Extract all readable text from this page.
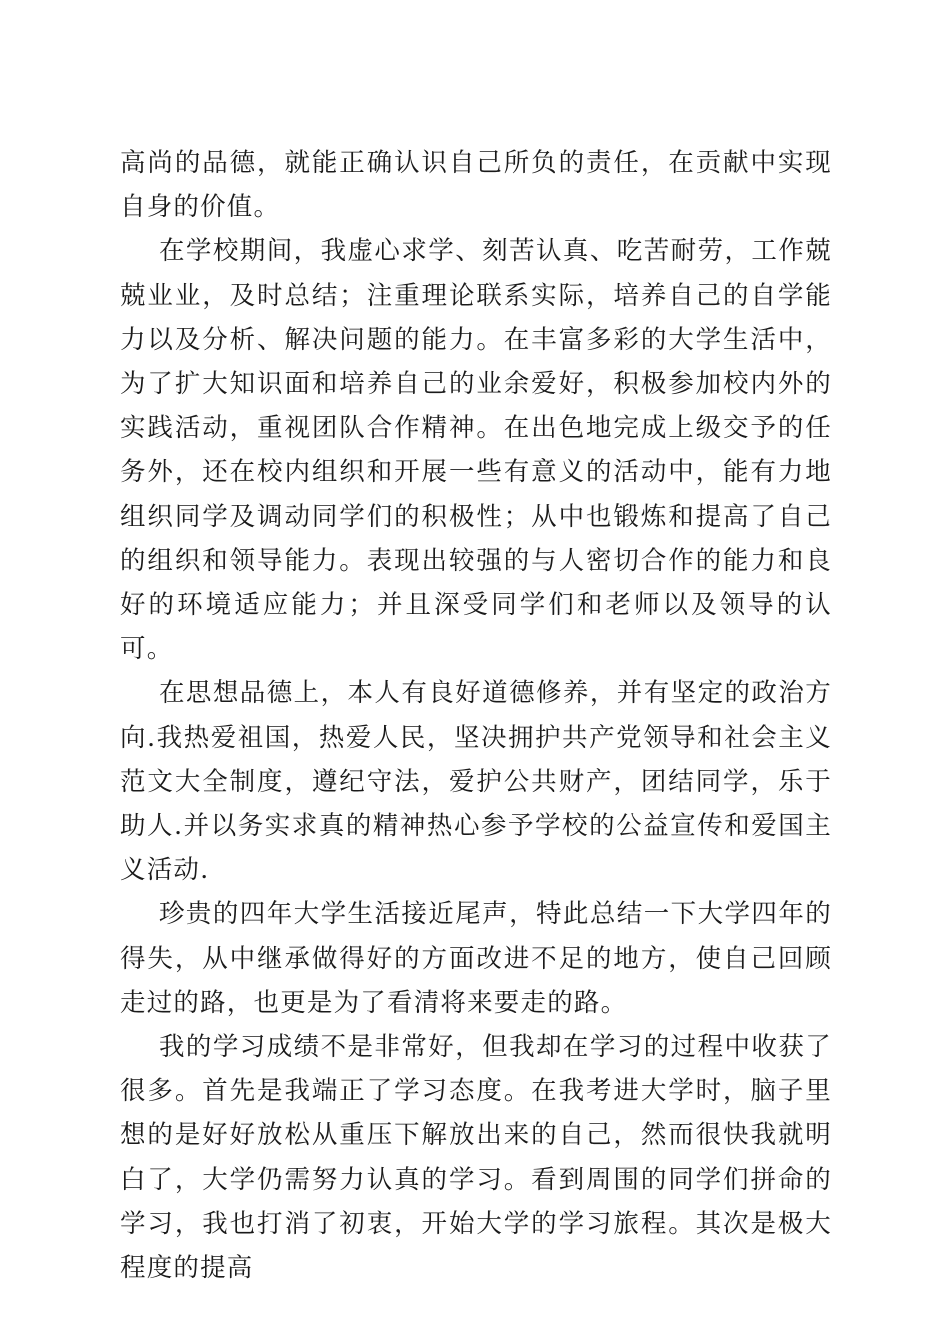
高尚的品德，就能正确认识自己所负的责任，在贡献中实现自身的价值。

在学校期间，我虚心求学、刻苦认真、吃苦耐劳，工作兢兢业业，及时总结；注重理论联系实际，培养自己的自学能力以及分析、解决问题的能力。在丰富多彩的大学生活中，为了扩大知识面和培养自己的业余爱好，积极参加校内外的实践活动，重视团队合作精神。在出色地完成上级交予的任务外，还在校内组织和开展一些有意义的活动中，能有力地组织同学及调动同学们的积极性；从中也锻炼和提高了自己的组织和领导能力。表现出较强的与人密切合作的能力和良好的环境适应能力；并且深受同学们和老师以及领导的认可。

在思想品德上，本人有良好道德修养，并有坚定的政治方向.我热爱祖国，热爱人民，坚决拥护共产党领导和社会主义范文大全制度，遵纪守法，爱护公共财产，团结同学，乐于助人.并以务实求真的精神热心参予学校的公益宣传和爱国主义活动.

珍贵的四年大学生活接近尾声，特此总结一下大学四年的得失，从中继承做得好的方面改进不足的地方，使自己回顾走过的路，也更是为了看清将来要走的路。

我的学习成绩不是非常好，但我却在学习的过程中收获了很多。首先是我端正了学习态度。在我考进大学时，脑子里想的是好好放松从重压下解放出来的自己，然而很快我就明白了，大学仍需努力认真的学习。看到周围的同学们拼命的学习，我也打消了初衷，开始大学的学习旅程。其次是极大程度的提高
